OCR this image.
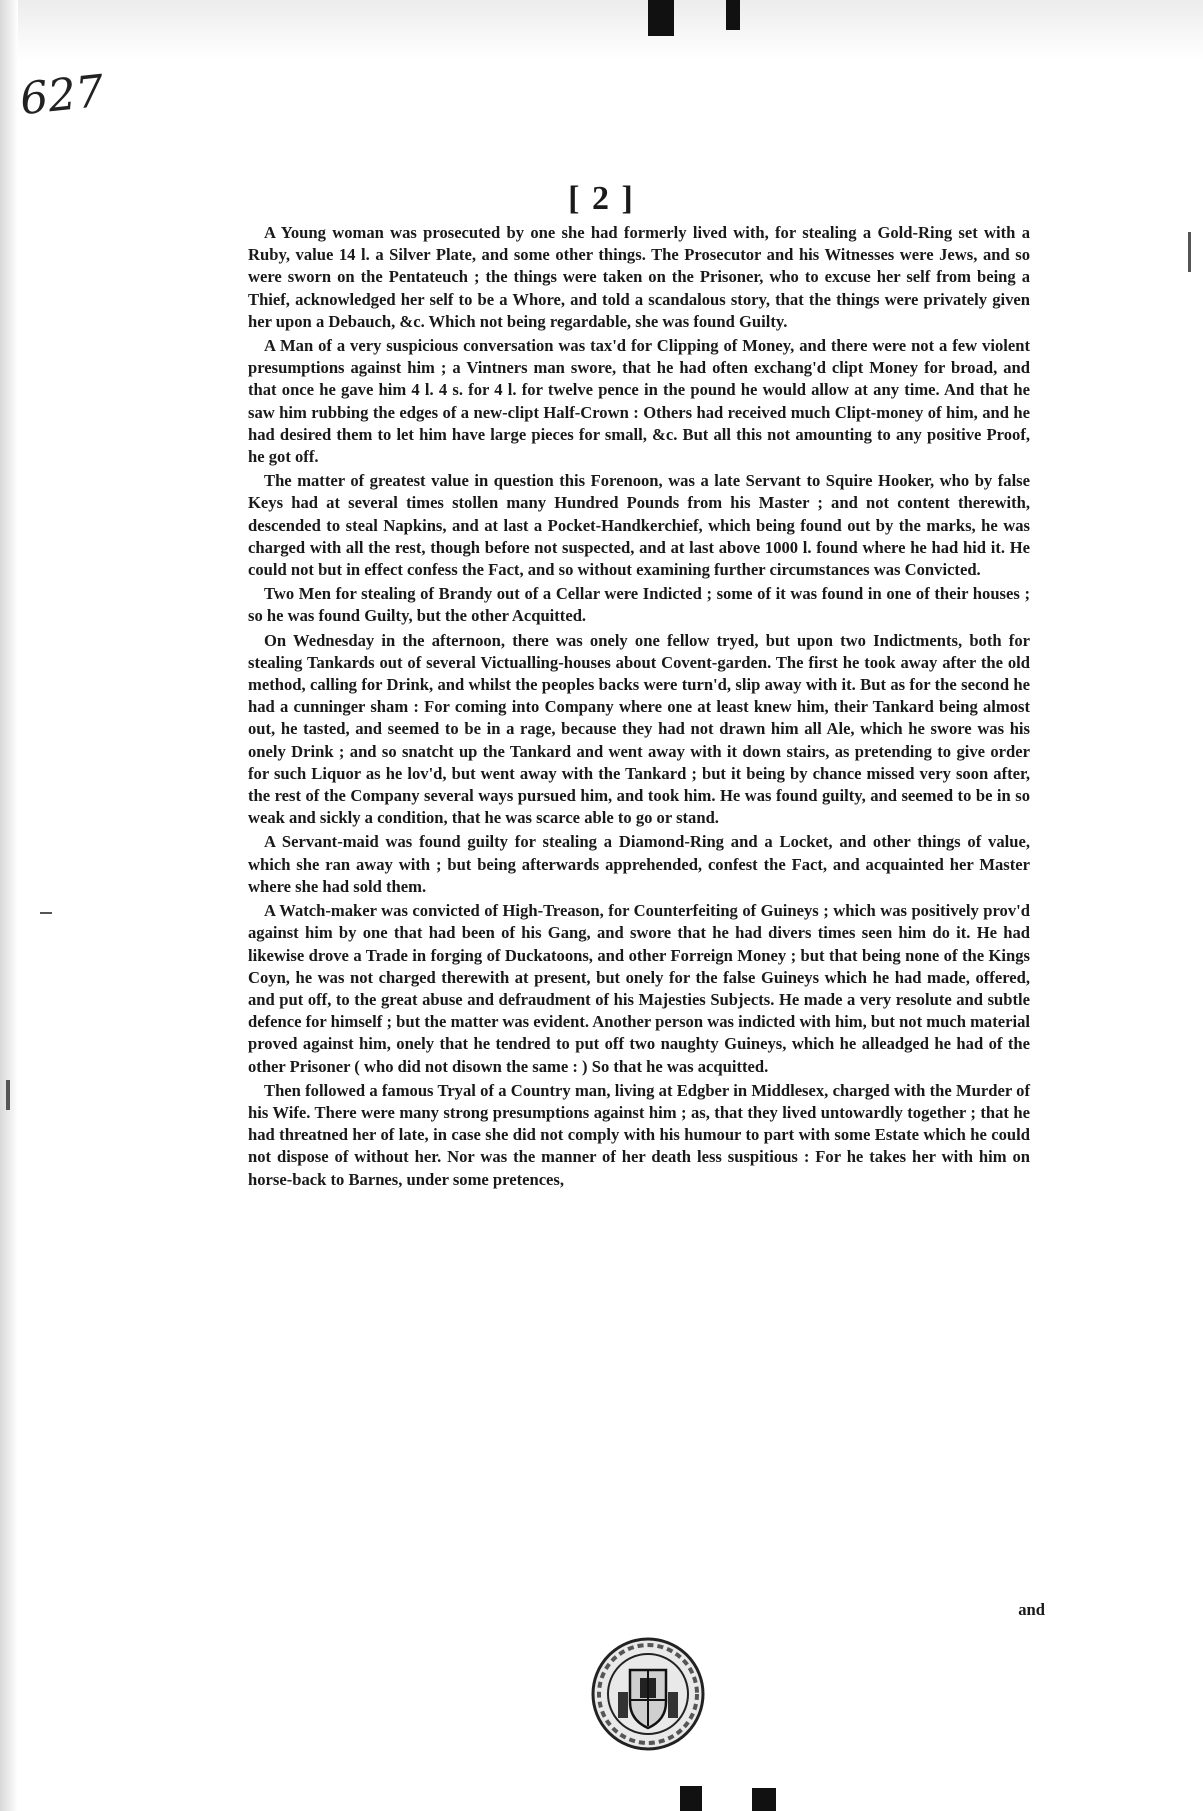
627
[ 2 ]

A Young woman was prosecuted by one she had formerly lived with, for stealing a Gold-Ring set with a Ruby, value 14 l. a Silver Plate, and some other things. The Prosecutor and his Witnesses were Jews, and so were sworn on the Pentateuch ; the things were taken on the Prisoner, who to excuse her self from being a Thief, acknowledged her self to be a Whore, and told a scandalous story, that the things were privately given her upon a Debauch, &c. Which not being regardable, she was found Guilty.

A Man of a very suspicious conversation was tax'd for Clipping of Money, and there were not a few violent presumptions against him ; a Vintners man swore, that he had often exchang'd clipt Money for broad, and that once he gave him 4 l. 4 s. for 4 l. for twelve pence in the pound he would allow at any time. And that he saw him rubbing the edges of a new-clipt Half-Crown : Others had received much Clipt-money of him, and he had desired them to let him have large pieces for small, &c. But all this not amounting to any positive Proof, he got off.

The matter of greatest value in question this Forenoon, was a late Servant to Squire Hooker, who by false Keys had at several times stollen many Hundred Pounds from his Master ; and not content therewith, descended to steal Napkins, and at last a Pocket-Handkerchief, which being found out by the marks, he was charged with all the rest, though before not suspected, and at last above 1000 l. found where he had hid it. He could not but in effect confess the Fact, and so without examining further circumstances was Convicted.

Two Men for stealing of Brandy out of a Cellar were Indicted ; some of it was found in one of their houses ; so he was found Guilty, but the other Acquitted.

On Wednesday in the afternoon, there was onely one fellow tryed, but upon two Indictments, both for stealing Tankards out of several Victualling-houses about Covent-garden. The first he took away after the old method, calling for Drink, and whilst the peoples backs were turn'd, slip away with it. But as for the second he had a cunninger sham : For coming into Company where one at least knew him, their Tankard being almost out, he tasted, and seemed to be in a rage, because they had not drawn him all Ale, which he swore was his onely Drink ; and so snatcht up the Tankard and went away with it down stairs, as pretending to give order for such Liquor as he lov'd, but went away with the Tankard ; but it being by chance missed very soon after, the rest of the Company several ways pursued him, and took him. He was found guilty, and seemed to be in so weak and sickly a condition, that he was scarce able to go or stand.

A Servant-maid was found guilty for stealing a Diamond-Ring and a Locket, and other things of value, which she ran away with ; but being afterwards apprehended, confest the Fact, and acquainted her Master where she had sold them.

A Watch-maker was convicted of High-Treason, for Counterfeiting of Guineys ; which was positively prov'd against him by one that had been of his Gang, and swore that he had divers times seen him do it. He had likewise drove a Trade in forging of Duckatoons, and other Forreign Money ; but that being none of the Kings Coyn, he was not charged therewith at present, but onely for the false Guineys which he had made, offered, and put off, to the great abuse and defraudment of his Majesties Subjects. He made a very resolute and subtle defence for himself ; but the matter was evident. Another person was indicted with him, but not much material proved against him, onely that he tendred to put off two naughty Guineys, which he alleadged he had of the other Prisoner ( who did not disown the same : ) So that he was acquitted.

Then followed a famous Tryal of a Country man, living at Edgber in Middlesex, charged with the Murder of his Wife. There were many strong presumptions against him ; as, that they lived untowardly together ; that he had threatned her of late, in case she did not comply with his humour to part with some Estate which he could not dispose of without her. Nor was the manner of her death less suspitious : For he takes her with him on horse-back to Barnes, under some pretences,

and
